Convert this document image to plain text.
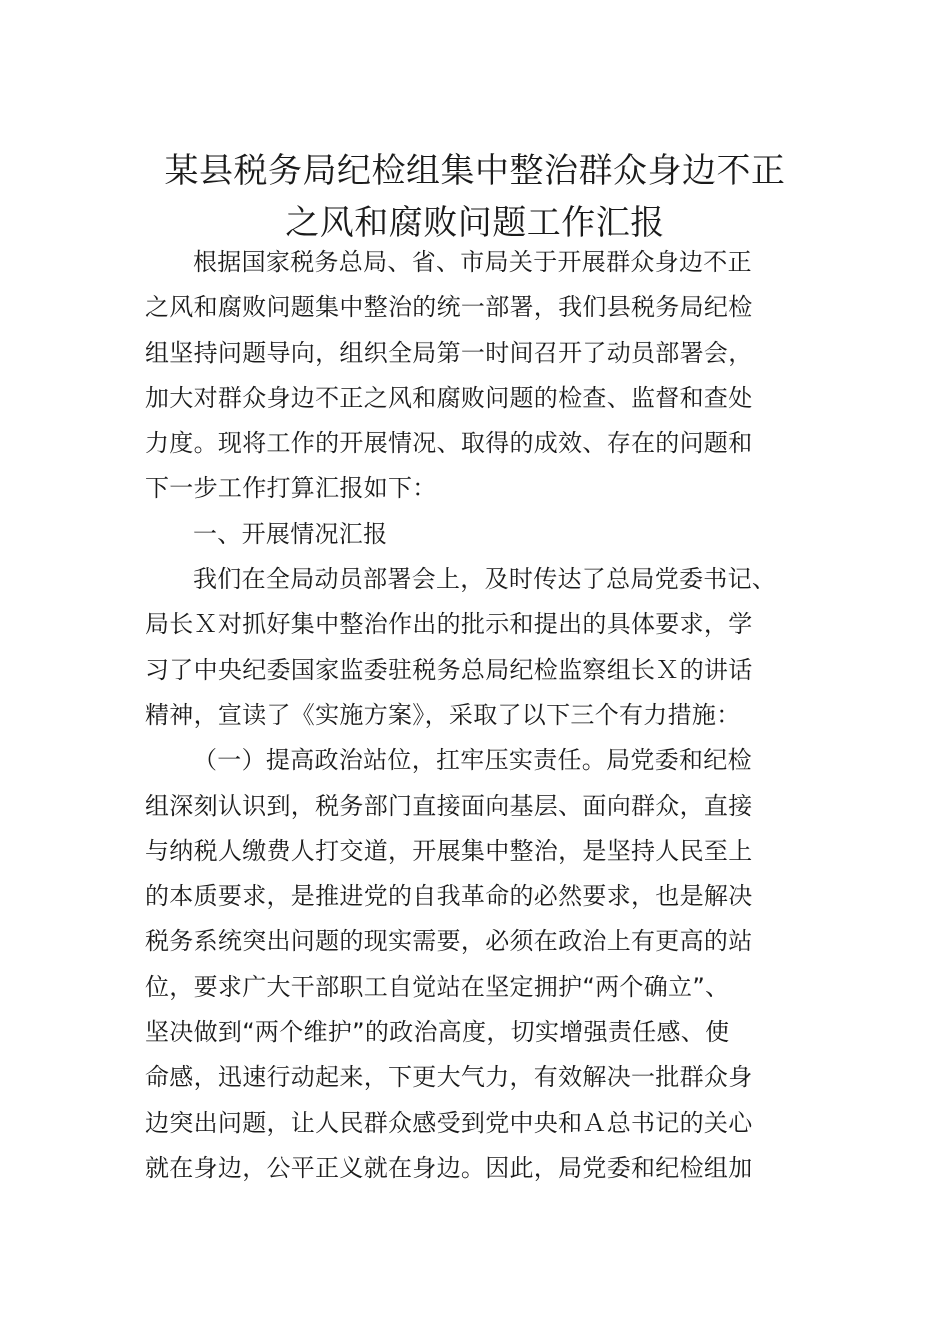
某县税务局纪检组集中整治群众身边不正
之风和腐败问题工作汇报
根据国家税务总局、省、市局关于开展群众身边不正
之风和腐败问题集中整治的统一部署，我们县税务局纪检
组坚持问题导向，组织全局第一时间召开了动员部署会，
加大对群众身边不正之风和腐败问题的检查、监督和查处
力度。现将工作的开展情况、取得的成效、存在的问题和
下一步工作打算汇报如下：
一、开展情况汇报
我们在全局动员部署会上，及时传达了总局党委书记、
局长Ｘ对抓好集中整治作出的批示和提出的具体要求，学
习了中央纪委国家监委驻税务总局纪检监察组长Ｘ的讲话
精神，宣读了《实施方案》，采取了以下三个有力措施：
（一）提高政治站位，扛牢压实责任。局党委和纪检
组深刻认识到，税务部门直接面向基层、面向群众，直接
与纳税人缴费人打交道，开展集中整治，是坚持人民至上
的本质要求，是推进党的自我革命的必然要求，也是解决
税务系统突出问题的现实需要，必须在政治上有更高的站
位，要求广大干部职工自觉站在坚定拥护“两个确立”、
坚决做到“两个维护”的政治高度，切实增强责任感、使
命感，迅速行动起来，下更大气力，有效解决一批群众身
边突出问题，让人民群众感受到党中央和Ａ总书记的关心
就在身边，公平正义就在身边。因此，局党委和纪检组加
